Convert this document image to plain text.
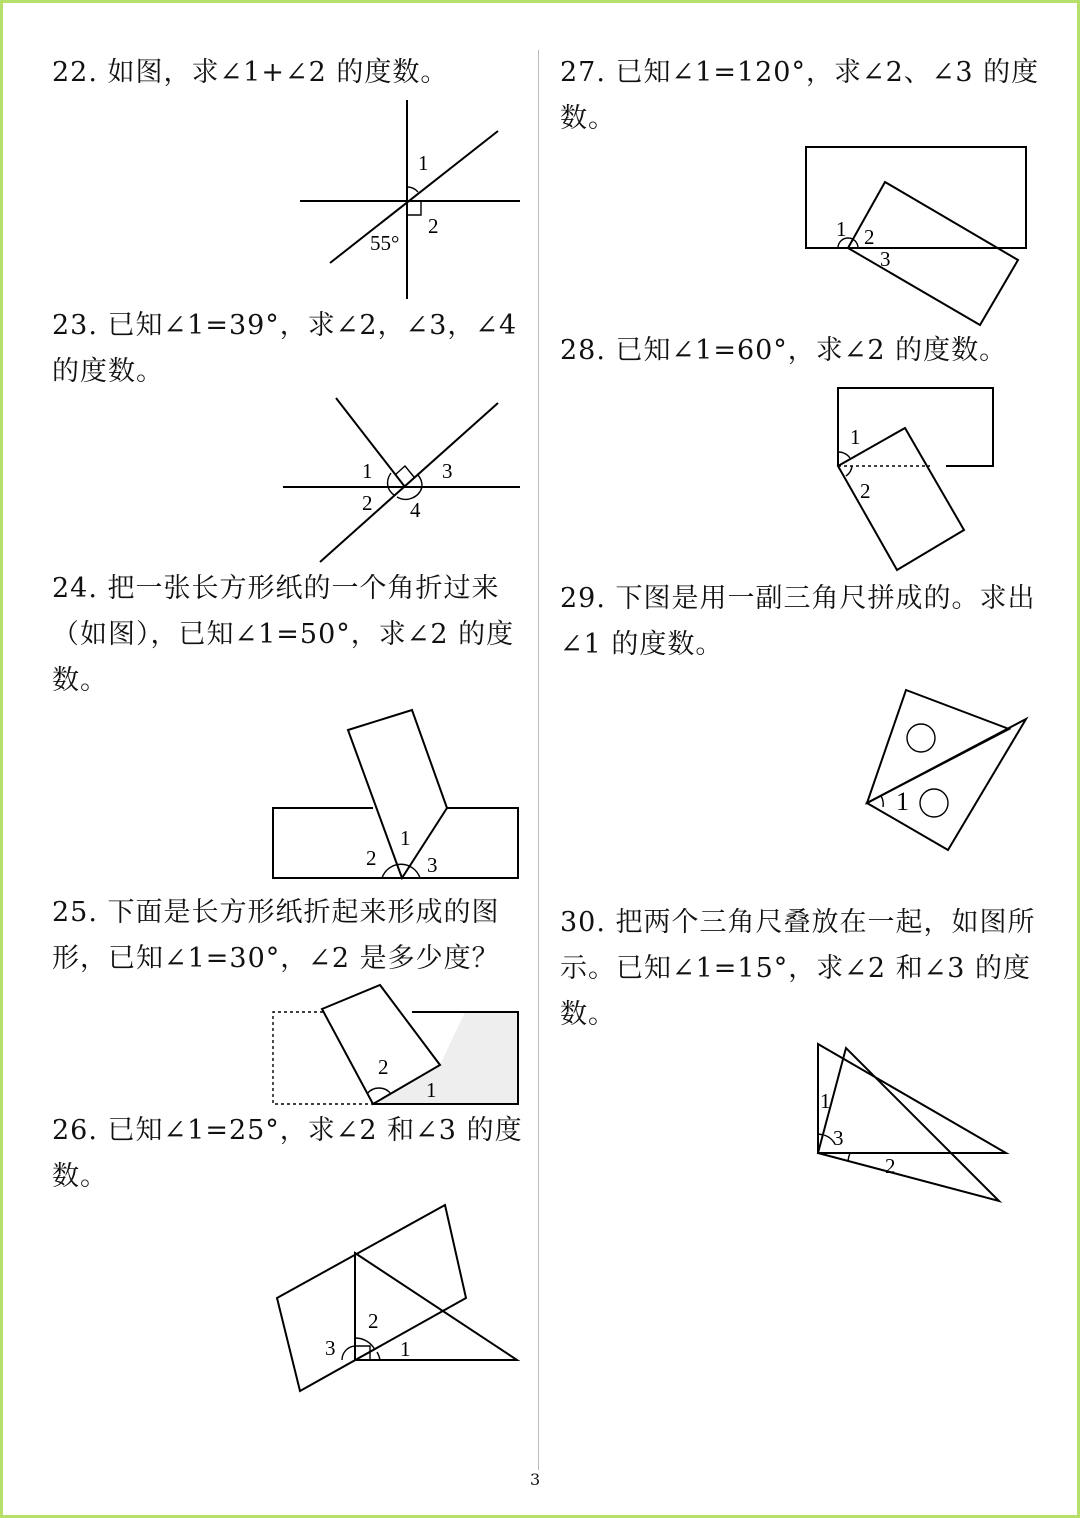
22. 如图，求∠1+∠2 的度数。
1
2
55°
23. 已知∠1=39°，求∠2，∠3，∠4
的度数。
1	3
2 4
24. 把一张长方形纸的一个角折过来
（如图），已知∠1=50°，求∠2 的度
数。
1
2 3
25. 下面是长方形纸折起来形成的图
形，已知∠1=30°，∠2 是多少度？
2
1
26. 已知∠1=25°，求∠2 和∠3 的度
数。
2
3	1
27. 已知∠1=120°，求∠2、∠3 的度
数。
1 2
3
28. 已知∠1=60°，求∠2 的度数。
1
2
29. 下图是用一副三角尺拼成的。求出
∠1 的度数。
1
30. 把两个三角尺叠放在一起，如图所
示。已知∠1=15°，求∠2 和∠3 的度
数。
1
3
2
3
